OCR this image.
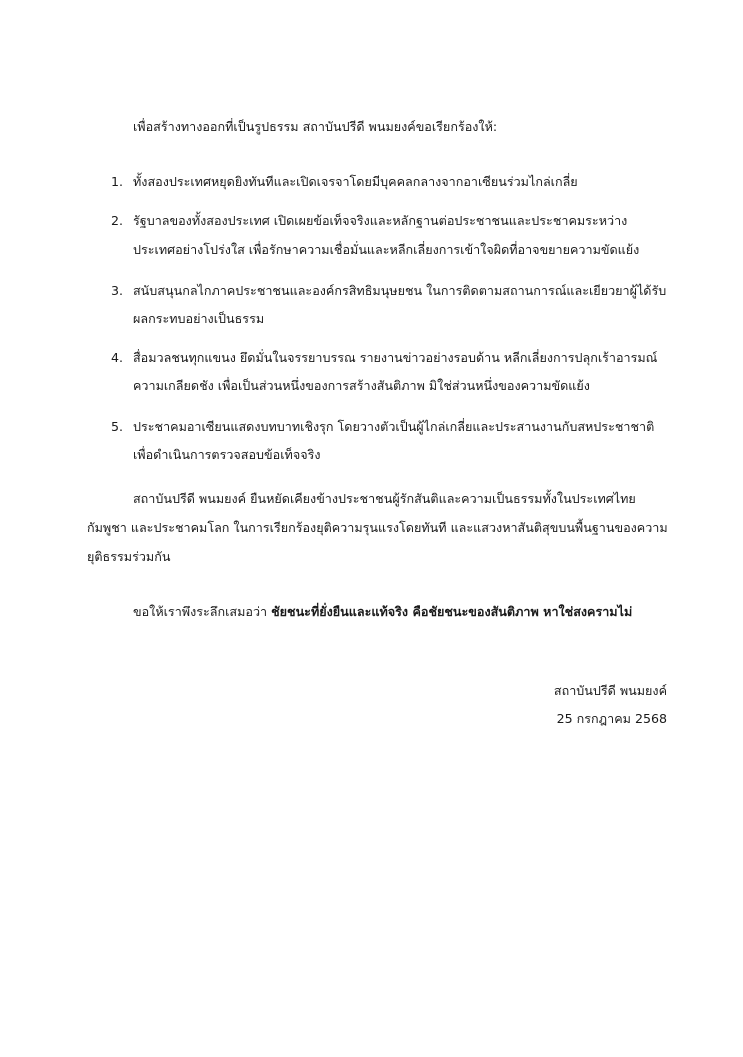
เพื่อสร้างทางออกที่เป็นรูปธรรม สถาบันปรีดี พนมยงค์ขอเรียกร้องให้:
1. ทั้งสองประเทศหยุดยิงทันทีและเปิดเจรจาโดยมีบุคคลกลางจากอาเซียนร่วมไกล่เกลี่ย
2. รัฐบาลของทั้งสองประเทศ เปิดเผยข้อเท็จจริงและหลักฐานต่อประชาชนและประชาคมระหว่าง
ประเทศอย่างโปร่งใส เพื่อรักษาความเชื่อมั่นและหลีกเลี่ยงการเข้าใจผิดที่อาจขยายความขัดแย้ง
3. สนับสนุนกลไกภาคประชาชนและองค์กรสิทธิมนุษยชน ในการติดตามสถานการณ์และเยียวยาผู้ได้รับ
ผลกระทบอย่างเป็นธรรม
4. สื่อมวลชนทุกแขนง ยึดมั่นในจรรยาบรรณ รายงานข่าวอย่างรอบด้าน หลีกเลี่ยงการปลุกเร้าอารมณ์
ความเกลียดชัง เพื่อเป็นส่วนหนึ่งของการสร้างสันติภาพ มิใช่ส่วนหนึ่งของความขัดแย้ง
5. ประชาคมอาเซียนแสดงบทบาทเชิงรุก โดยวางตัวเป็นผู้ไกล่เกลี่ยและประสานงานกับสหประชาชาติ
เพื่อดำเนินการตรวจสอบข้อเท็จจริง
สถาบันปรีดี พนมยงค์ ยืนหยัดเคียงข้างประชาชนผู้รักสันติและความเป็นธรรมทั้งในประเทศไทย
กัมพูชา และประชาคมโลก ในการเรียกร้องยุติความรุนแรงโดยทันที และแสวงหาสันติสุขบนพื้นฐานของความ
ยุติธรรมร่วมกัน
ขอให้เราพึงระลึกเสมอว่า ชัยชนะที่ยั่งยืนและแท้จริง คือชัยชนะของสันติภาพ หาใช่สงครามไม่
สถาบันปรีดี พนมยงค์
25 กรกฎาคม 2568
